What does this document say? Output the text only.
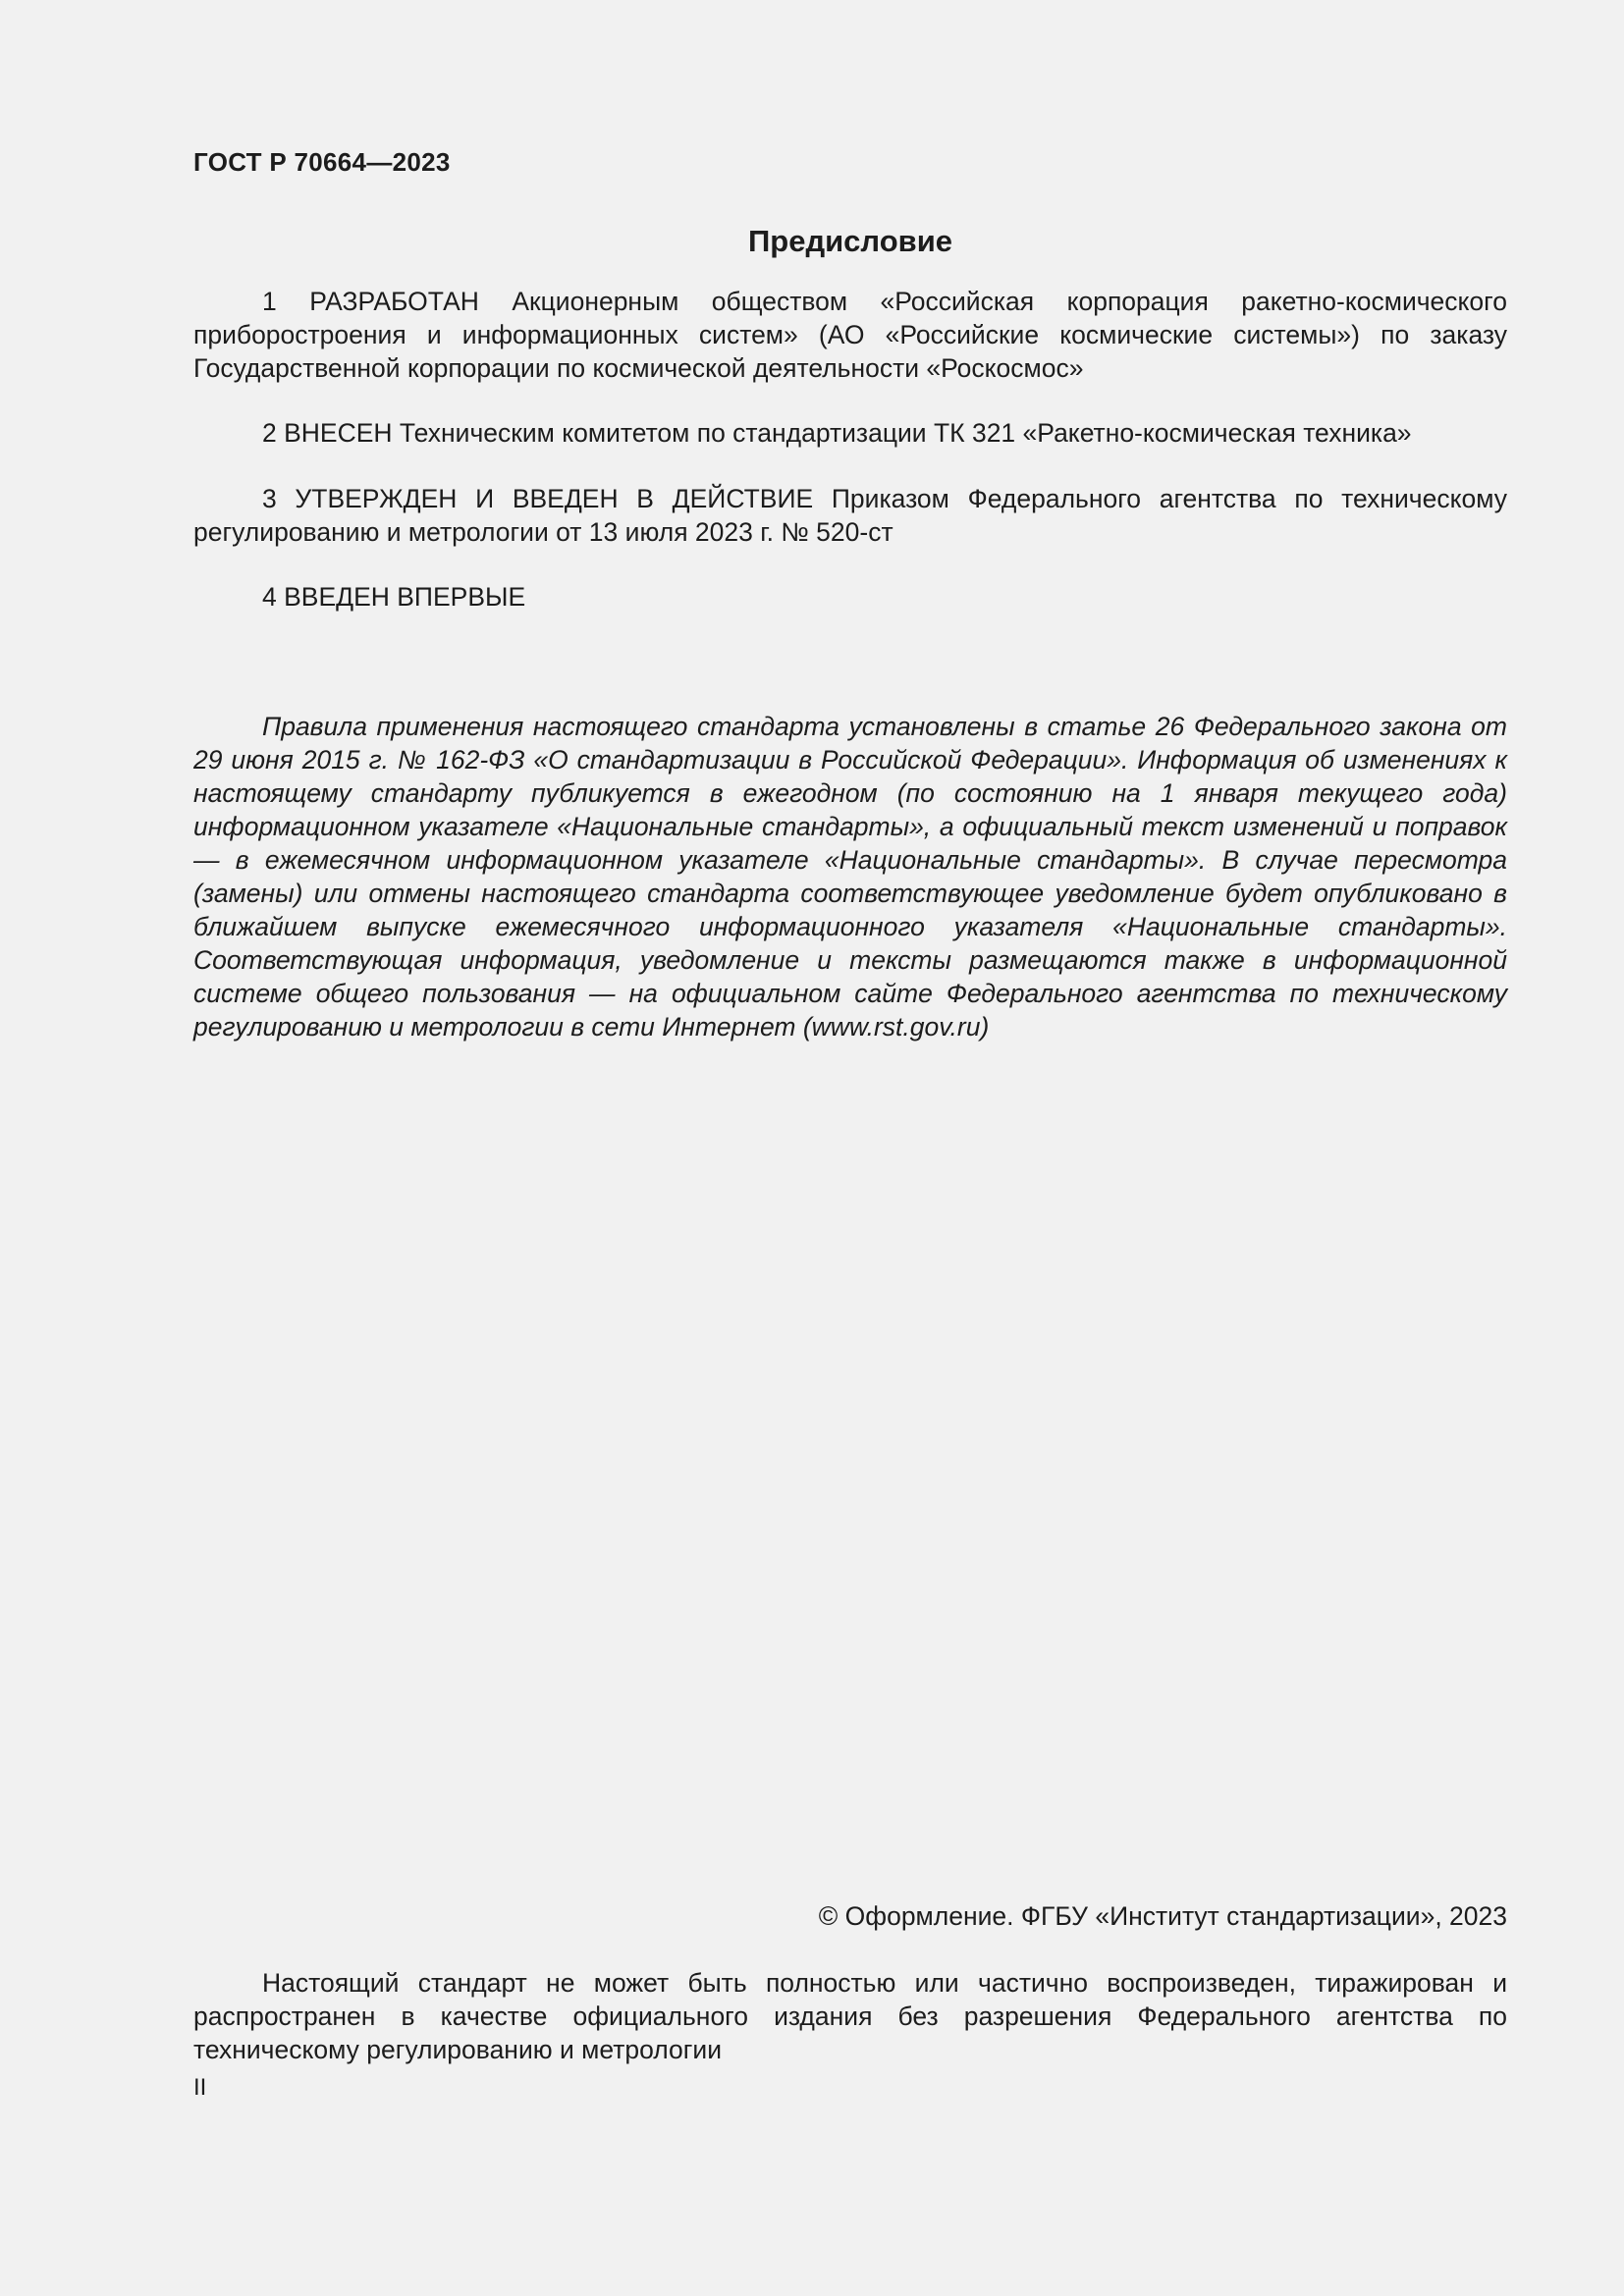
ГОСТ Р 70664—2023
Предисловие

1 РАЗРАБОТАН Акционерным обществом «Российская корпорация ракетно-космического приборостроения и информационных систем» (АО «Российские космические системы») по заказу Государственной корпорации по космической деятельности «Роскосмос»

2 ВНЕСЕН Техническим комитетом по стандартизации ТК 321 «Ракетно-космическая техника»

3 УТВЕРЖДЕН И ВВЕДЕН В ДЕЙСТВИЕ Приказом Федерального агентства по техническому регулированию и метрологии от 13 июля 2023 г. № 520-ст

4 ВВЕДЕН ВПЕРВЫЕ

Правила применения настоящего стандарта установлены в статье 26 Федерального закона от 29 июня 2015 г. № 162-ФЗ «О стандартизации в Российской Федерации». Информация об изменениях к настоящему стандарту публикуется в ежегодном (по состоянию на 1 января текущего года) информационном указателе «Национальные стандарты», а официальный текст изменений и поправок — в ежемесячном информационном указателе «Национальные стандарты». В случае пересмотра (замены) или отмены настоящего стандарта соответствующее уведомление будет опубликовано в ближайшем выпуске ежемесячного информационного указателя «Национальные стандарты». Соответствующая информация, уведомление и тексты размещаются также в информационной системе общего пользования — на официальном сайте Федерального агентства по техническому регулированию и метрологии в сети Интернет (www.rst.gov.ru)

© Оформление. ФГБУ «Институт стандартизации», 2023

Настоящий стандарт не может быть полностью или частично воспроизведен, тиражирован и распространен в качестве официального издания без разрешения Федерального агентства по техническому регулированию и метрологии

II
